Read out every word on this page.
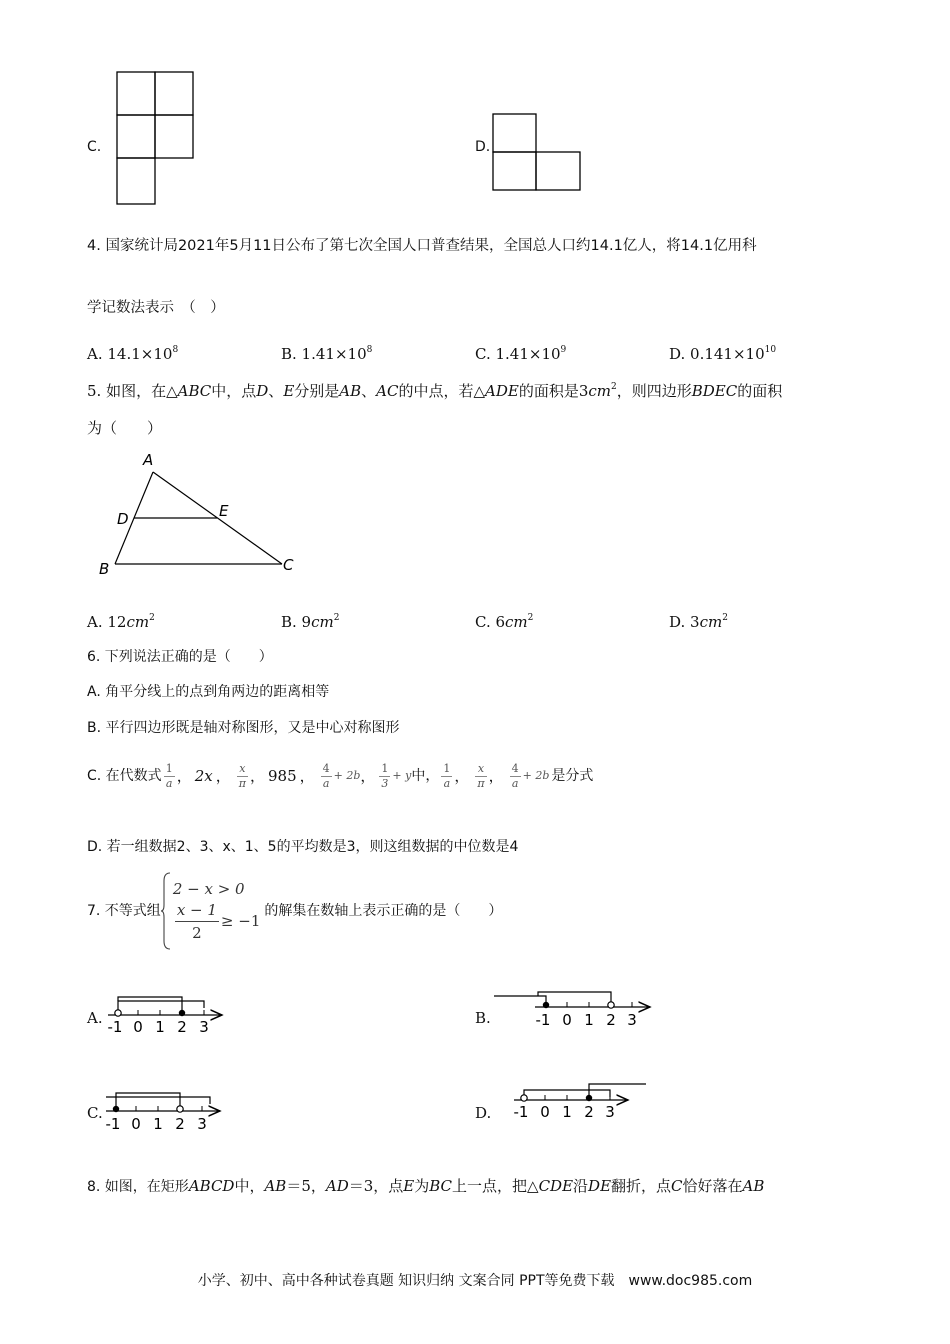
C.	D.
4. 国家统计局2021年5月11日公布了第七次全国人口普查结果，全国总人口约14.1亿人，将14.1亿用科
学记数法表示　（　）
A. $14.1\times 10^8$	B. $1.41\times 10^8$	C. $1.41\times 10^9$	D. $0.141\times 10^{10}$
5. 如图，在△ABC中，点D、E分别是AB、AC的中点，若△ADE的面积是$3cm^2$，则四边形BDEC的面积
为（　　）
A
D	E
B	C
A. $12cm^2$	B. $9cm^2$	C. $6cm^2$	D. $3cm^2$
6. 下列说法正确的是（　　）
A. 角平分线上的点到角两边的距离相等
B. 平行四边形既是轴对称图形，又是中心对称图形
C. 在代数式 $\frac{1}{a}$ ， 2x ， $\frac{x}{\pi}$ ， 985 ， $\frac{4}{a} + 2b$ ， $\frac{1}{3} + y$ 中， $\frac{1}{a}$ ， $\frac{x}{\pi}$ ， $\frac{4}{a} + 2b$ 是分式
D. 若一组数据2、3、x、1、5的平均数是3，则这组数据的中位数是4
7. 不等式组
2 − x > 0
$\frac{x - 1}{2} \ge -1$
的解集在数轴上表示正确的是（　　）
A.	B.
C.	D.
-1 0 1 2 3	-1 0 1 2 3
-1 0 1 2 3
-1 0 1 2 3
8. 如图，在矩形ABCD中，AB＝5，AD＝3，点E为BC上一点，把△CDE沿DE翻折，点C恰好落在AB
小学、初中、高中各种试卷真题 知识归纳 文案合同 PPT等免费下载　www.doc985.com
